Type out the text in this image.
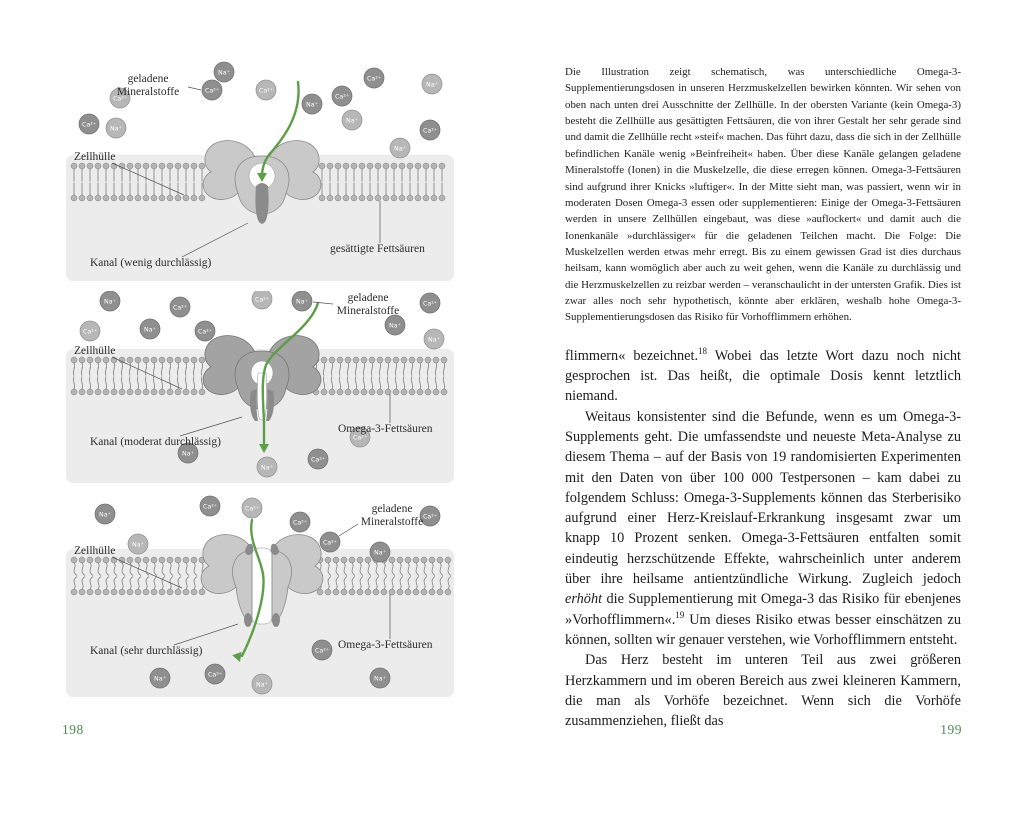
Ca²⁺
Ca²⁺
Na⁺
Ca²⁺
Na⁺
Ca²⁺
Ca²⁺
Na⁺
Ca²⁺
Na⁺
Na⁺
Ca²⁺
Na⁺
geladene
Mineralstoffe
Zellhülle
Kanal (wenig durchlässig)
gesättigte Fettsäuren
Na⁺
Na⁺
Ca²⁺
Ca²⁺
Na⁺
Ca²⁺
Ca²⁺	Na⁺	Ca²⁺
Ca²⁺	Na⁺	Ca²⁺
Na⁺
Na⁺
geladene
Mineralstoffe
Zellhülle
Kanal (moderat durchlässig)
Omega-3-Fettsäuren
Na⁺
Ca²⁺
Na⁺
Ca²⁺
Na⁺
Na⁺
Ca²⁺	Ca²⁺
Ca²⁺
Ca²⁺
Na⁺	Ca²⁺
Na⁺
geladene
Mineralstoffe
Zellhülle
Kanal (sehr durchlässig)	Omega-3-Fettsäuren

Die Illustration zeigt schematisch, was unterschiedliche Omega-3-Supplementierungsdosen in unseren Herzmuskelzellen bewirken könnten. Wir sehen von oben nach unten drei Ausschnitte der Zellhülle. In der obersten Variante (kein Omega-3) besteht die Zellhülle aus gesättigten Fettsäuren, die von ihrer Gestalt her sehr gerade sind und damit die Zellhülle recht »steif« machen. Das führt dazu, dass die sich in der Zellhülle befindlichen Kanäle wenig »Beinfreiheit« haben. Über diese Kanäle gelangen geladene Mineralstoffe (Ionen) in die Muskelzelle, die diese erregen können. Omega-3-Fettsäuren sind aufgrund ihrer Knicks »luftiger«. In der Mitte sieht man, was passiert, wenn wir in moderaten Dosen Omega-3 essen oder supplementieren: Einige der Omega-3-Fettsäuren werden in unsere Zellhüllen eingebaut, was diese »auflockert« und damit auch die Ionenkanäle »durchlässiger« für die geladenen Teilchen macht. Die Folge: Die Muskelzellen werden etwas mehr erregt. Bis zu einem gewissen Grad ist dies durchaus heilsam, kann womöglich aber auch zu weit gehen, wenn die Kanäle zu durchlässig und die Herzmuskelzellen zu reizbar werden – veranschaulicht in der untersten Grafik. Dies ist zwar alles noch sehr hypothetisch, könnte aber erklären, weshalb hohe Omega-3-Supplementierungsdosen das Risiko für Vorhofflimmern erhöhen.

flimmern« bezeichnet.$^{18}$ Wobei das letzte Wort dazu noch nicht gesprochen ist. Das heißt, die optimale Dosis kennt letztlich niemand.

Weitaus konsistenter sind die Befunde, wenn es um Omega-3-Supplements geht. Die umfassendste und neueste Meta-Analyse zu diesem Thema – auf der Basis von 19 randomisierten Experimenten mit den Daten von über 100 000 Testpersonen – kam dabei zu folgendem Schluss: Omega-3-Supplements können das Sterberisiko aufgrund einer Herz-Kreislauf-Erkrankung insgesamt zwar um knapp 10 Prozent senken. Omega-3-Fettsäuren entfalten somit eindeutig herzschützende Effekte, wahrscheinlich unter anderem über ihre heilsame antientzündliche Wirkung. Zugleich jedoch erhöht die Supplementierung mit Omega-3 das Risiko für ebenjenes »Vorhofflimmern«.$^{19}$ Um dieses Risiko etwas besser einschätzen zu können, sollten wir genauer verstehen, wie Vorhofflimmern entsteht.

Das Herz besteht im unteren Teil aus zwei größeren Herzkammern und im oberen Bereich aus zwei kleineren Kammern, die man als Vorhöfe bezeichnet. Wenn sich die Vorhöfe zusammenziehen, fließt das

198	199
